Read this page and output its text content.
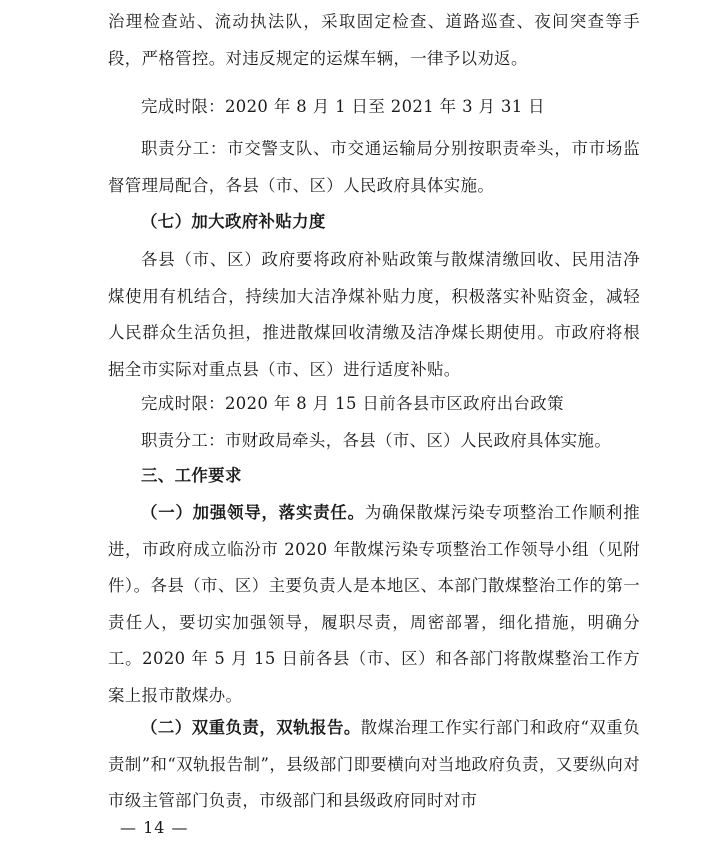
治理检查站、流动执法队，采取固定检查、道路巡查、夜间突查等手段，严格管控。对违反规定的运煤车辆，一律予以劝返。

完成时限：2020 年 8 月 1 日至 2021 年 3 月 31 日

职责分工：市交警支队、市交通运输局分别按职责牵头，市市场监督管理局配合，各县（市、区）人民政府具体实施。

（七）加大政府补贴力度

各县（市、区）政府要将政府补贴政策与散煤清缴回收、民用洁净煤使用有机结合，持续加大洁净煤补贴力度，积极落实补贴资金，减轻人民群众生活负担，推进散煤回收清缴及洁净煤长期使用。市政府将根据全市实际对重点县（市、区）进行适度补贴。

完成时限：2020 年 8 月 15 日前各县市区政府出台政策

职责分工：市财政局牵头，各县（市、区）人民政府具体实施。

三、工作要求

（一）加强领导，落实责任。为确保散煤污染专项整治工作顺利推进，市政府成立临汾市 2020 年散煤污染专项整治工作领导小组（见附件）。各县（市、区）主要负责人是本地区、本部门散煤整治工作的第一责任人，要切实加强领导，履职尽责，周密部署，细化措施，明确分工。2020 年 5 月 15 日前各县（市、区）和各部门将散煤整治工作方案上报市散煤办。

（二）双重负责，双轨报告。散煤治理工作实行部门和政府“双重负责制”和“双轨报告制”，县级部门即要横向对当地政府负责，又要纵向对市级主管部门负责，市级部门和县级政府同时对市

— 14 —
